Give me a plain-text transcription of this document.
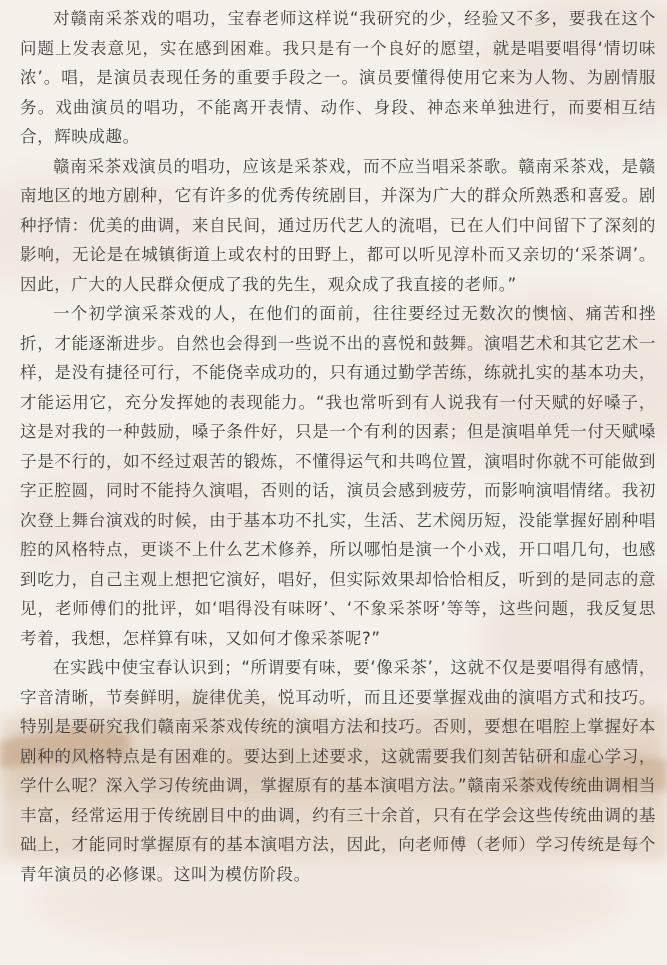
对赣南采茶戏的唱功，宝春老师这样说“我研究的少，经验又不多，要我在这个问题上发表意见，实在感到困难。我只是有一个良好的愿望，就是唱要唱得‘情切味浓’。唱，是演员表现任务的重要手段之一。演员要懂得使用它来为人物、为剧情服务。戏曲演员的唱功，不能离开表情、动作、身段、神态来单独进行，而要相互结合，辉映成趣。

赣南采茶戏演员的唱功，应该是采茶戏，而不应当唱采茶歌。赣南采茶戏，是赣南地区的地方剧种，它有许多的优秀传统剧目，并深为广大的群众所熟悉和喜爱。剧种抒情：优美的曲调，来自民间，通过历代艺人的流唱，已在人们中间留下了深刻的影响，无论是在城镇街道上或农村的田野上，都可以听见淳朴而又亲切的‘采茶调’。因此，广大的人民群众便成了我的先生，观众成了我直接的老师。”

一个初学演采茶戏的人，在他们的面前，往往要经过无数次的懊恼、痛苦和挫折，才能逐渐进步。自然也会得到一些说不出的喜悦和鼓舞。演唱艺术和其它艺术一样，是没有捷径可行，不能侥幸成功的，只有通过勤学苦练，练就扎实的基本功夫，才能运用它，充分发挥她的表现能力。“我也常听到有人说我有一付天赋的好嗓子，这是对我的一种鼓励，嗓子条件好，只是一个有利的因素；但是演唱单凭一付天赋嗓子是不行的，如不经过艰苦的锻炼，不懂得运气和共鸣位置，演唱时你就不可能做到字正腔圆，同时不能持久演唱，否则的话，演员会感到疲劳，而影响演唱情绪。我初次登上舞台演戏的时候，由于基本功不扎实，生活、艺术阅历短，没能掌握好剧种唱腔的风格特点，更谈不上什么艺术修养，所以哪怕是演一个小戏，开口唱几句，也感到吃力，自己主观上想把它演好，唱好，但实际效果却恰恰相反，听到的是同志的意见，老师傅们的批评，如‘唱得没有味呀’、‘不象采茶呀’等等，这些问题，我反复思考着，我想，怎样算有味，又如何才像采茶呢?”

在实践中使宝春认识到；“所谓要有味，要‘像采茶’，这就不仅是要唱得有感情，字音清晰，节奏鲜明，旋律优美，悦耳动听，而且还要掌握戏曲的演唱方式和技巧。特别是要研究我们赣南采茶戏传统的演唱方法和技巧。否则，要想在唱腔上掌握好本剧种的风格特点是有困难的。要达到上述要求，这就需要我们刻苦钻研和虚心学习，学什么呢？深入学习传统曲调，掌握原有的基本演唱方法。”赣南采茶戏传统曲调相当丰富，经常运用于传统剧目中的曲调，约有三十余首，只有在学会这些传统曲调的基础上，才能同时掌握原有的基本演唱方法，因此，向老师傅（老师）学习传统是每个青年演员的必修课。这叫为模仿阶段。
